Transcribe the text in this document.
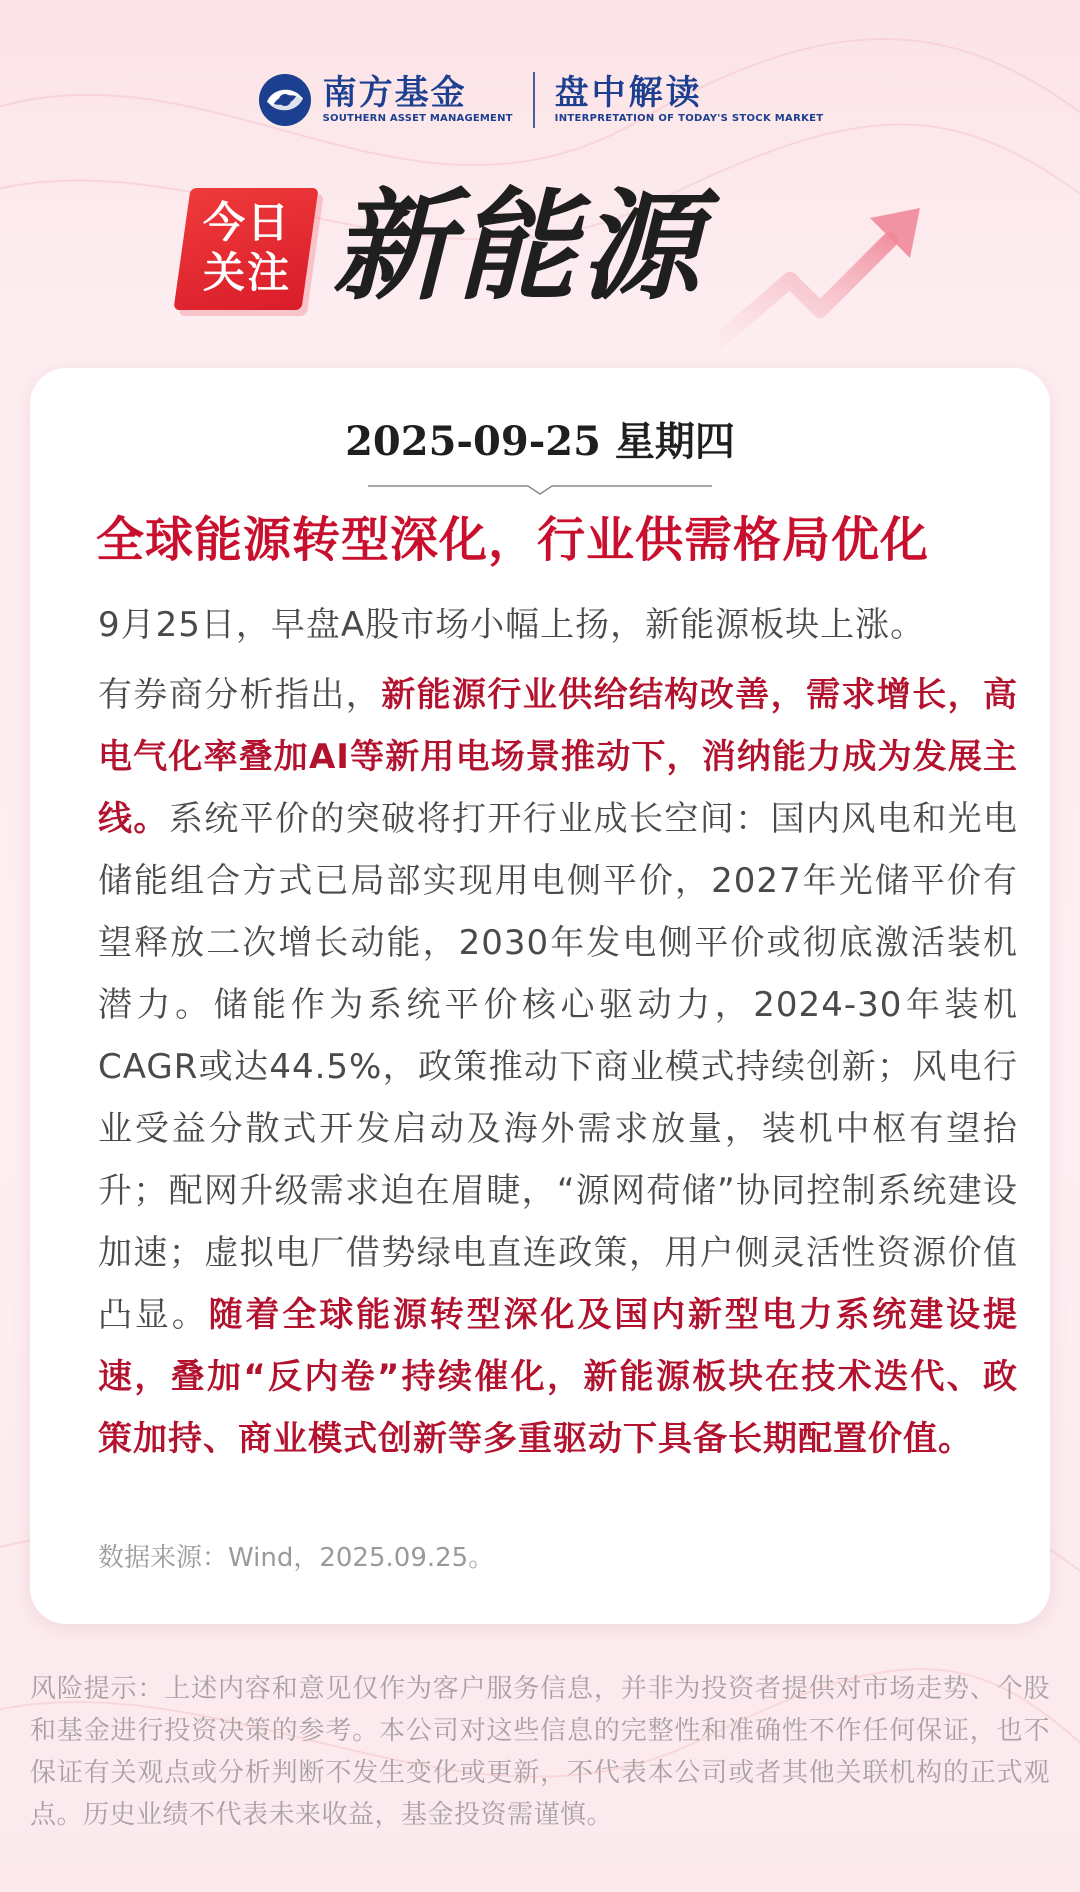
南方基金
SOUTHERN ASSET MANAGEMENT
盘中解读
INTERPRETATION OF TODAY'S STOCK MARKET
今日
关注 新能源
2025-09-25 星期四
全球能源转型深化，行业供需格局优化
9月25日，早盘A股市场小幅上扬，新能源板块上涨。
有券商分析指出，新能源行业供给结构改善，需求增长，高电气化率叠加AI等新用电场景推动下，消纳能力成为发展主线。系统平价的突破将打开行业成长空间：国内风电和光电储能组合方式已局部实现用电侧平价，2027年光储平价有望释放二次增长动能，2030年发电侧平价或彻底激活装机潜力。储能作为系统平价核心驱动力，2024-30年装机CAGR或达44.5%，政策推动下商业模式持续创新；风电行业受益分散式开发启动及海外需求放量，装机中枢有望抬升；配网升级需求迫在眉睫，“源网荷储”协同控制系统建设加速；虚拟电厂借势绿电直连政策，用户侧灵活性资源价值凸显。随着全球能源转型深化及国内新型电力系统建设提速，叠加“反内卷”持续催化，新能源板块在技术迭代、政策加持、商业模式创新等多重驱动下具备长期配置价值。
数据来源：Wind，2025.09.25。
风险提示：上述内容和意见仅作为客户服务信息，并非为投资者提供对市场走势、个股和基金进行投资决策的参考。本公司对这些信息的完整性和准确性不作任何保证，也不保证有关观点或分析判断不发生变化或更新，不代表本公司或者其他关联机构的正式观点。历史业绩不代表未来收益，基金投资需谨慎。
